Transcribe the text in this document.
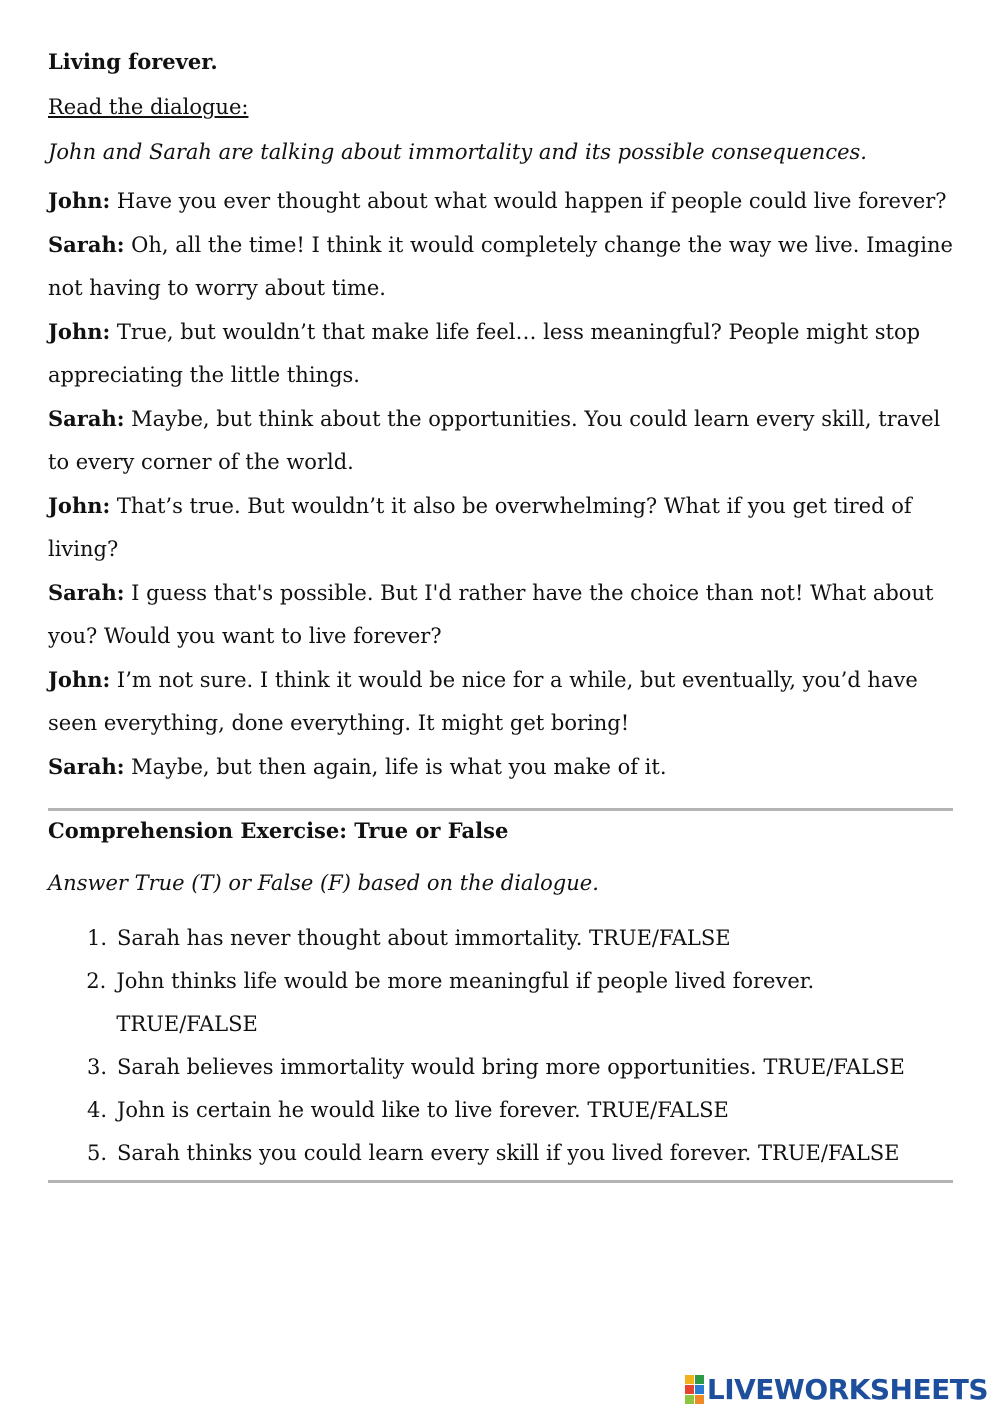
Living forever.

Read the dialogue:

John and Sarah are talking about immortality and its possible consequences.

John: Have you ever thought about what would happen if people could live forever?

Sarah: Oh, all the time! I think it would completely change the way we live. Imagine not having to worry about time.

John: True, but wouldn’t that make life feel… less meaningful? People might stop appreciating the little things.

Sarah: Maybe, but think about the opportunities. You could learn every skill, travel to every corner of the world.

John: That’s true. But wouldn’t it also be overwhelming? What if you get tired of living?

Sarah: I guess that's possible. But I'd rather have the choice than not! What about you? Would you want to live forever?

John: I’m not sure. I think it would be nice for a while, but eventually, you’d have seen everything, done everything. It might get boring!

Sarah: Maybe, but then again, life is what you make of it.

Comprehension Exercise: True or False

Answer True (T) or False (F) based on the dialogue.

1. Sarah has never thought about immortality. TRUE/FALSE
2. John thinks life would be more meaningful if people lived forever. TRUE/FALSE
3. Sarah believes immortality would bring more opportunities. TRUE/FALSE
4. John is certain he would like to live forever. TRUE/FALSE
5. Sarah thinks you could learn every skill if you lived forever. TRUE/FALSE
LIVEWORKSHEETS
